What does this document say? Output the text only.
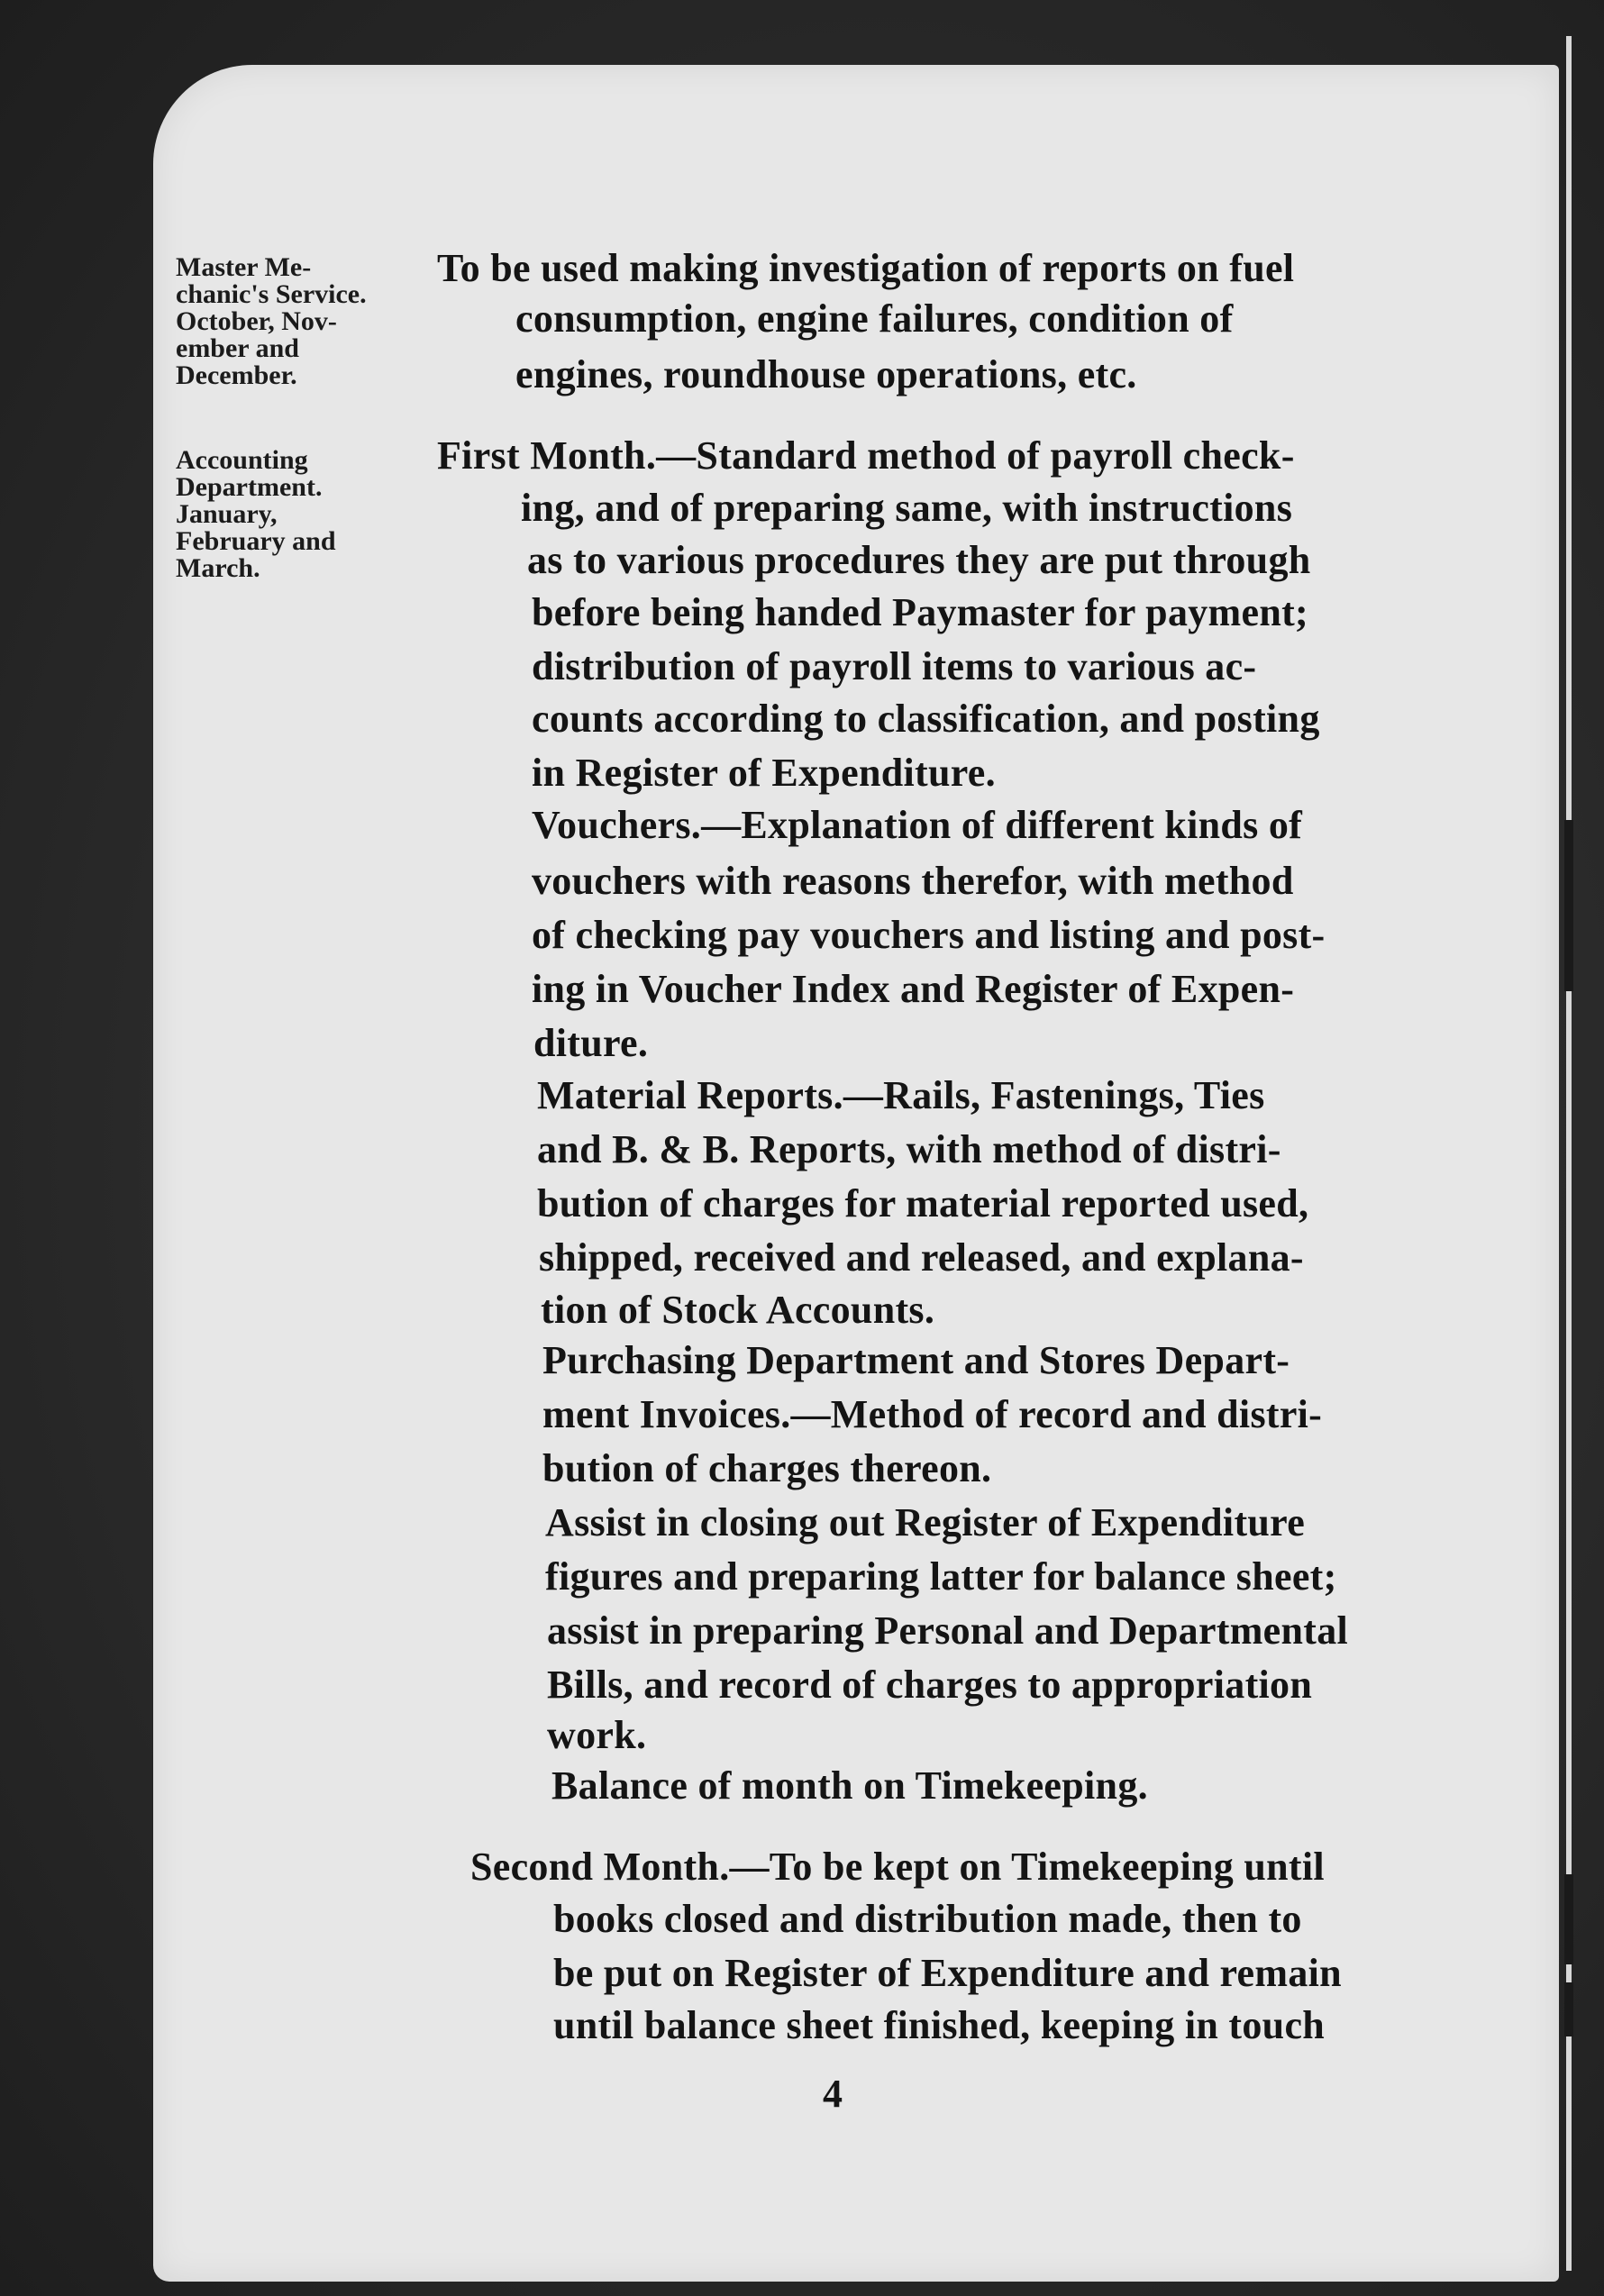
Master Me-
chanic's Service.
October, Nov-
ember and
December.
Accounting
Department.
January,
February and
March.
To be used making investigation of reports on fuel
consumption, engine failures, condition of
engines, roundhouse operations, etc.
First Month.—Standard method of payroll check-
ing, and of preparing same, with instructions
as to various procedures they are put through
before being handed Paymaster for payment;
distribution of payroll items to various ac-
counts according to classification, and posting
in Register of Expenditure.
Vouchers.—Explanation of different kinds of
vouchers with reasons therefor, with method
of checking pay vouchers and listing and post-
ing in Voucher Index and Register of Expen-
diture.
Material Reports.—Rails, Fastenings, Ties
and B. & B. Reports, with method of distri-
bution of charges for material reported used,
shipped, received and released, and explana-
tion of Stock Accounts.
Purchasing Department and Stores Depart-
ment Invoices.—Method of record and distri-
bution of charges thereon.
Assist in closing out Register of Expenditure
figures and preparing latter for balance sheet;
assist in preparing Personal and Departmental
Bills, and record of charges to appropriation
work.
Balance of month on Timekeeping.
Second Month.—To be kept on Timekeeping until
books closed and distribution made, then to
be put on Register of Expenditure and remain
until balance sheet finished, keeping in touch
4
